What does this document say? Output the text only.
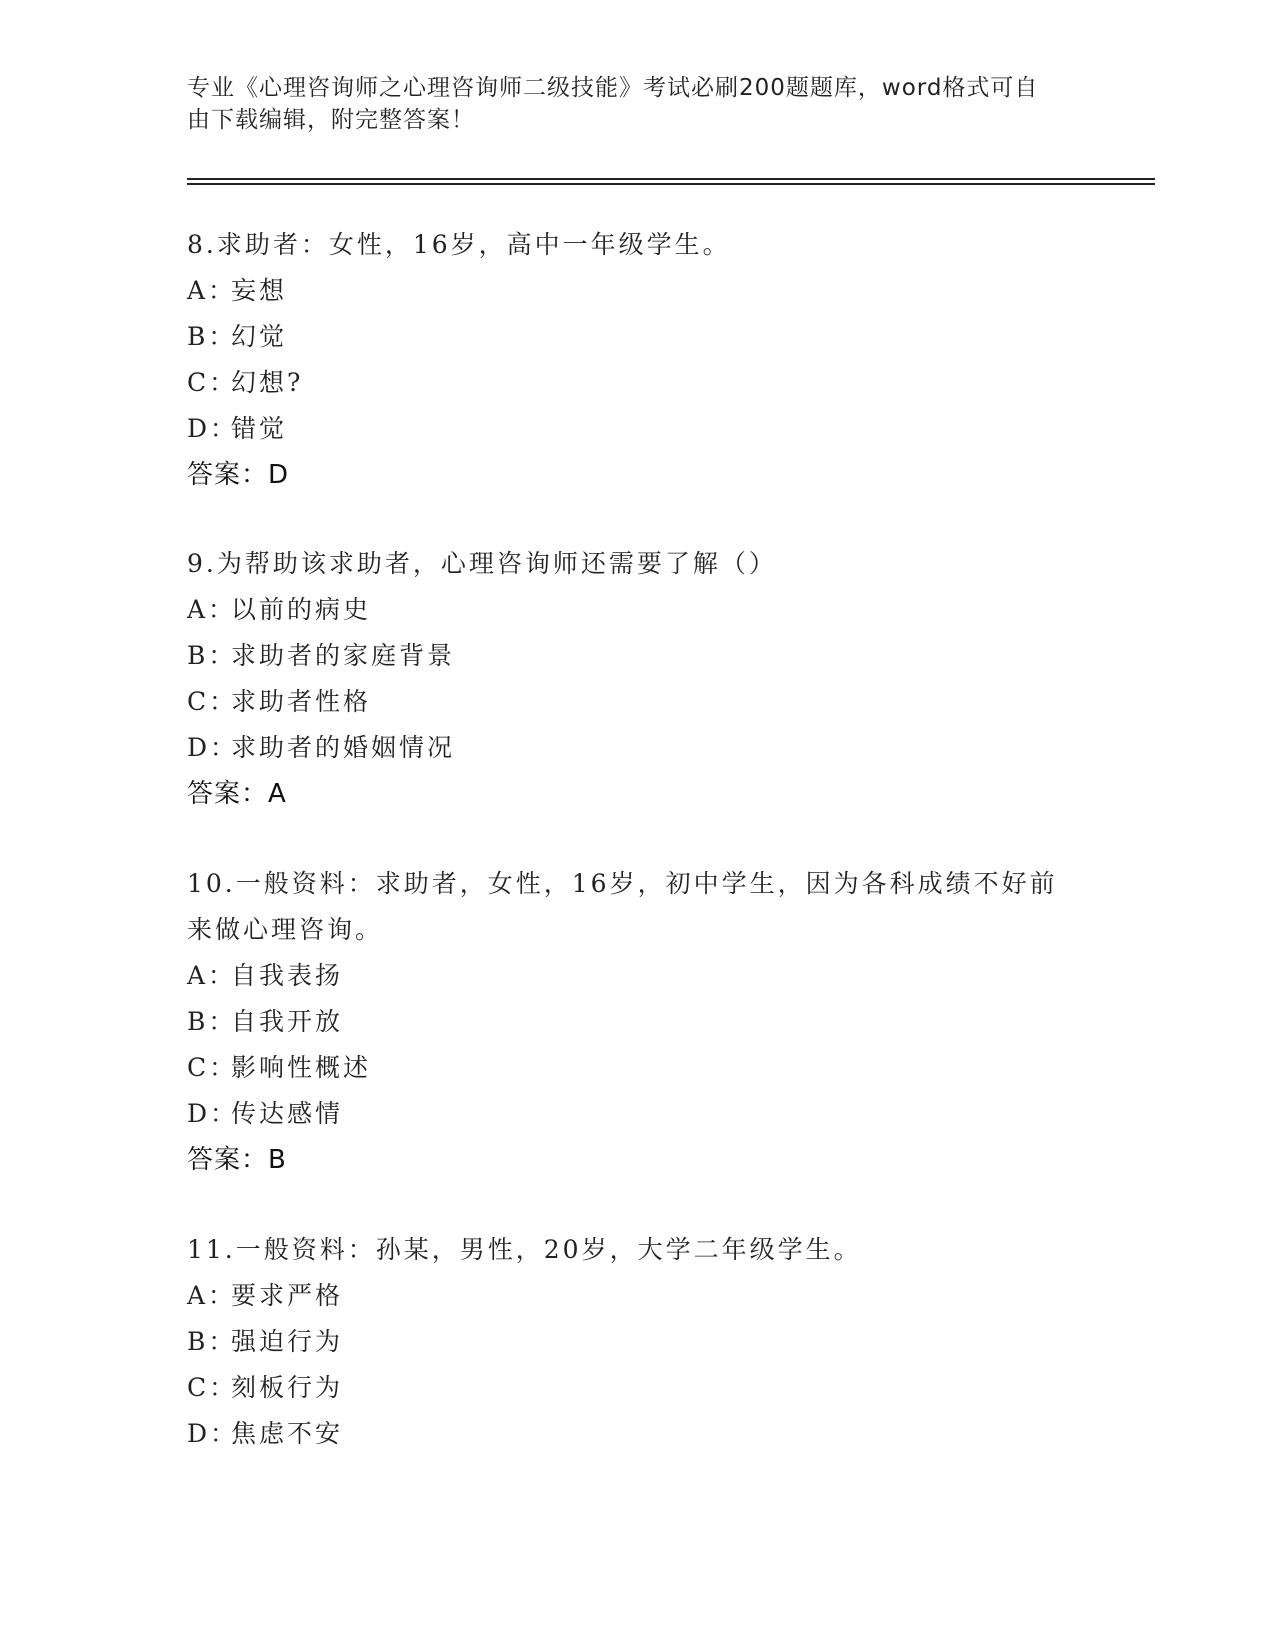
专业《心理咨询师之心理咨询师二级技能》考试必刷200题题库，word格式可自
由下载编辑，附完整答案！

8.求助者：女性，16岁，高中一年级学生。

A：
妄想

B：
幻觉

C：
幻想?

D：
错觉

答案：D

9.为帮助该求助者，心理咨询师还需要了解（）

A：
以前的病史

B：
求助者的家庭背景

C：
求助者性格

D：
求助者的婚姻情况

答案：A

10.一般资料：求助者，女性，16岁，初中学生，因为各科成绩不好前

来做心理咨询。

A：
自我表扬

B：
自我开放

C：
影响性概述

D：
传达感情

答案：B

11.一般资料：孙某，男性，20岁，大学二年级学生。

A：
要求严格

B：
强迫行为

C：
刻板行为

D：
焦虑不安
